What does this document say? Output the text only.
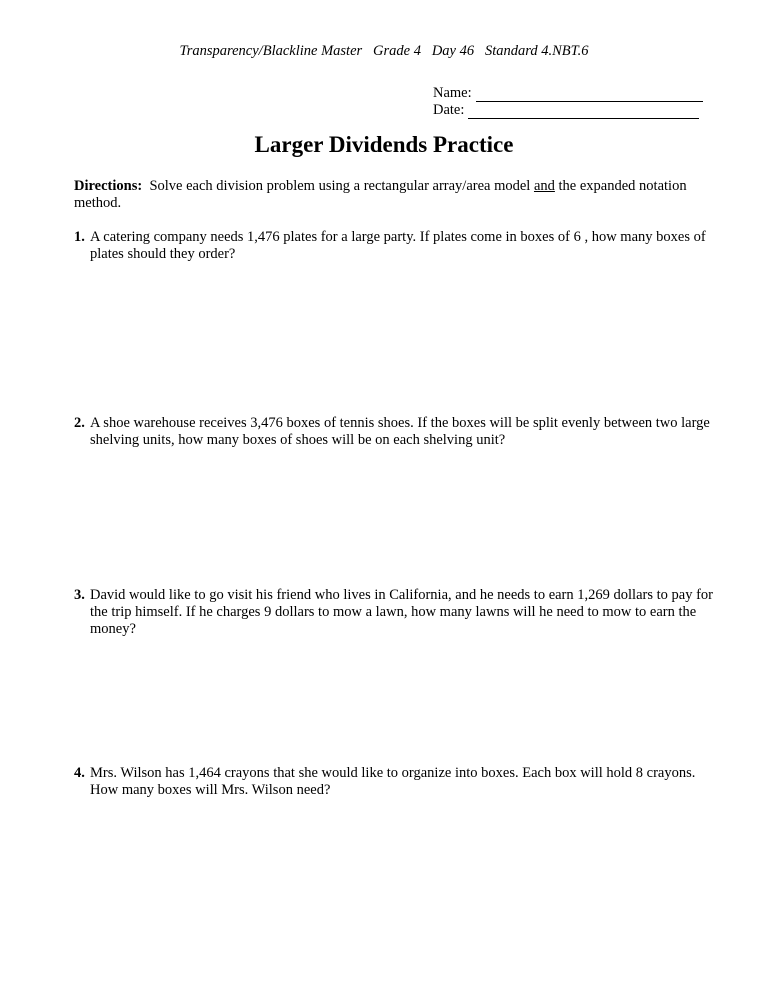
Transparency/Blackline Master   Grade 4   Day 46   Standard 4.NBT.6
Name:
Date:
Larger Dividends Practice
Directions:  Solve each division problem using a rectangular array/area model and the expanded notation method.
1. A catering company needs 1,476 plates for a large party. If plates come in boxes of 6 , how many boxes of plates should they order?
2. A shoe warehouse receives 3,476 boxes of tennis shoes. If the boxes will be split evenly between two large shelving units, how many boxes of shoes will be on each shelving unit?
3. David would like to go visit his friend who lives in California, and he needs to earn 1,269 dollars to pay for the trip himself. If he charges 9 dollars to mow a lawn, how many lawns will he need to mow to earn the money?
4. Mrs. Wilson has 1,464 crayons that she would like to organize into boxes. Each box will hold 8 crayons. How many boxes will Mrs. Wilson need?
